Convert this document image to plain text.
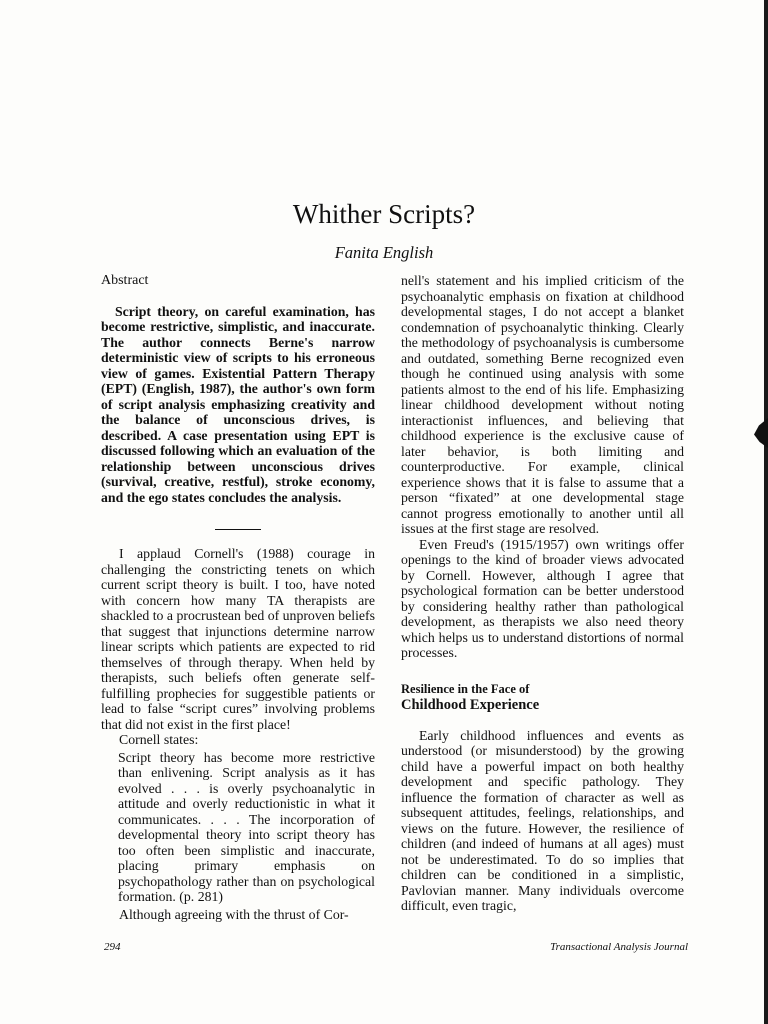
Whither Scripts?
Fanita English
Abstract

Script theory, on careful examination, has become restrictive, simplistic, and inaccurate. The author connects Berne's narrow deterministic view of scripts to his erroneous view of games. Existential Pattern Therapy (EPT) (English, 1987), the author's own form of script analysis emphasizing creativity and the balance of unconscious drives, is described. A case presentation using EPT is discussed following which an evaluation of the relationship between unconscious drives (survival, creative, restful), stroke economy, and the ego states concludes the analysis.

I applaud Cornell's (1988) courage in challenging the constricting tenets on which current script theory is built. I too, have noted with concern how many TA therapists are shackled to a procrustean bed of unproven beliefs that suggest that injunctions determine narrow linear scripts which patients are expected to rid themselves of through therapy. When held by therapists, such beliefs often generate self-fulfilling prophecies for suggestible patients or lead to false “script cures” involving problems that did not exist in the first place!

Cornell states:

Script theory has become more restrictive than enlivening. Script analysis as it has evolved . . . is overly psychoanalytic in attitude and overly reductionistic in what it communicates. . . . The incorporation of developmental theory into script theory has too often been simplistic and inaccurate, placing primary emphasis on psychopathology rather than on psychological formation. (p. 281)

Although agreeing with the thrust of Cor-

nell's statement and his implied criticism of the psychoanalytic emphasis on fixation at childhood developmental stages, I do not accept a blanket condemnation of psychoanalytic thinking. Clearly the methodology of psychoanalysis is cumbersome and outdated, something Berne recognized even though he continued using analysis with some patients almost to the end of his life. Emphasizing linear childhood development without noting interactionist influences, and believing that childhood experience is the exclusive cause of later behavior, is both limiting and counterproductive. For example, clinical experience shows that it is false to assume that a person “fixated” at one developmental stage cannot progress emotionally to another until all issues at the first stage are resolved.

Even Freud's (1915/1957) own writings offer openings to the kind of broader views advocated by Cornell. However, although I agree that psychological formation can be better understood by considering healthy rather than pathological development, as therapists we also need theory which helps us to understand distortions of normal processes.

Resilience in the Face of
Childhood Experience

Early childhood influences and events as understood (or misunderstood) by the growing child have a powerful impact on both healthy development and specific pathology. They influence the formation of character as well as subsequent attitudes, feelings, relationships, and views on the future. However, the resilience of children (and indeed of humans at all ages) must not be underestimated. To do so implies that children can be conditioned in a simplistic, Pavlovian manner. Many individuals overcome difficult, even tragic,

294	Transactional Analysis Journal
